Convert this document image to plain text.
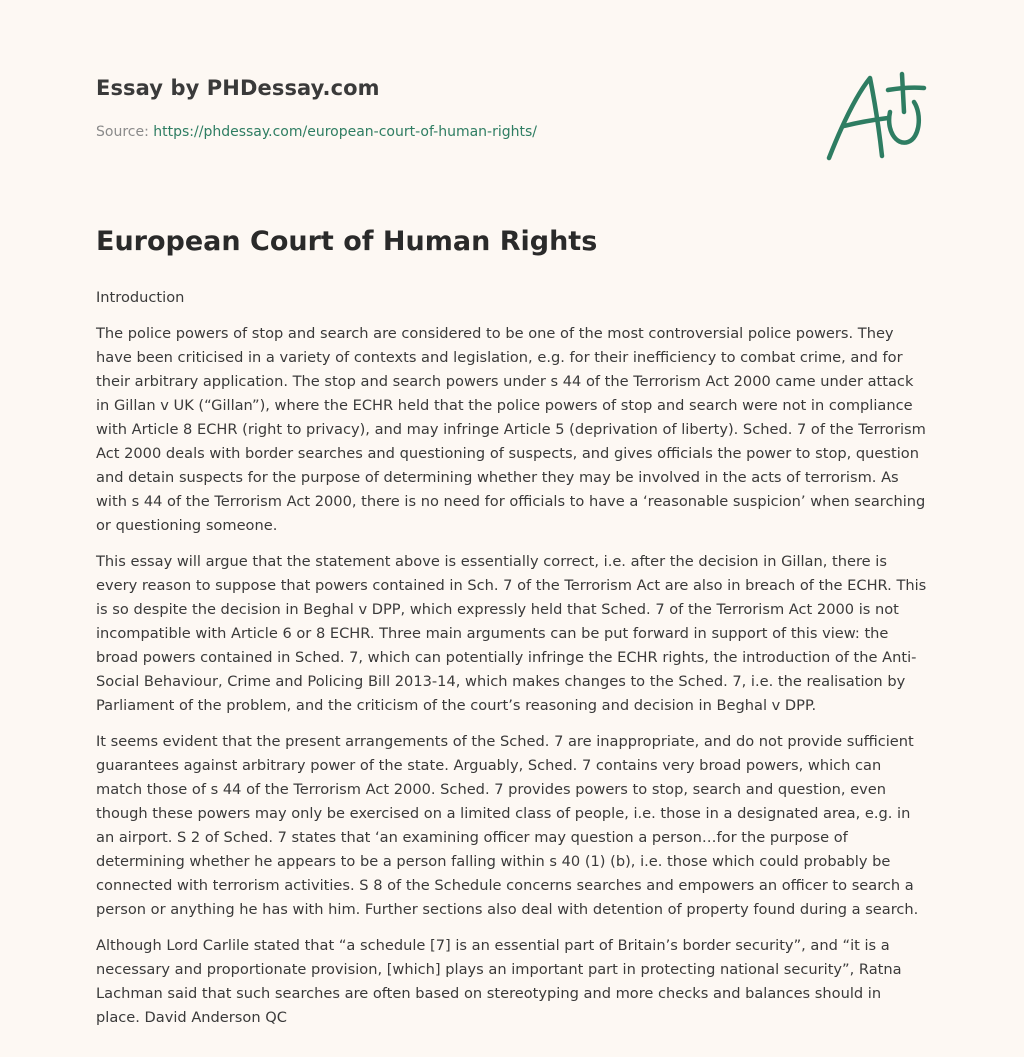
Essay by PHDessay.com
Source: https://phdessay.com/european-court-of-human-rights/
European Court of Human Rights

Introduction

The police powers of stop and search are considered to be one of the most controversial police powers. They have been criticised in a variety of contexts and legislation, e.g. for their inefficiency to combat crime, and for their arbitrary application. The stop and search powers under s 44 of the Terrorism Act 2000 came under attack in Gillan v UK (“Gillan”), where the ECHR held that the police powers of stop and search were not in compliance with Article 8 ECHR (right to privacy), and may infringe Article 5 (deprivation of liberty). Sched. 7 of the Terrorism Act 2000 deals with border searches and questioning of suspects, and gives officials the power to stop, question and detain suspects for the purpose of determining whether they may be involved in the acts of terrorism. As with s 44 of the Terrorism Act 2000, there is no need for officials to have a ‘reasonable suspicion’ when searching or questioning someone.

This essay will argue that the statement above is essentially correct, i.e. after the decision in Gillan, there is every reason to suppose that powers contained in Sch. 7 of the Terrorism Act are also in breach of the ECHR. This is so despite the decision in Beghal v DPP, which expressly held that Sched. 7 of the Terrorism Act 2000 is not incompatible with Article 6 or 8 ECHR. Three main arguments can be put forward in support of this view: the broad powers contained in Sched. 7, which can potentially infringe the ECHR rights, the introduction of the Anti-Social Behaviour, Crime and Policing Bill 2013-14, which makes changes to the Sched. 7, i.e. the realisation by Parliament of the problem, and the criticism of the court’s reasoning and decision in Beghal v DPP.

It seems evident that the present arrangements of the Sched. 7 are inappropriate, and do not provide sufficient guarantees against arbitrary power of the state. Arguably, Sched. 7 contains very broad powers, which can match those of s 44 of the Terrorism Act 2000. Sched. 7 provides powers to stop, search and question, even though these powers may only be exercised on a limited class of people, i.e. those in a designated area, e.g. in an airport. S 2 of Sched. 7 states that ‘an examining officer may question a person…for the purpose of determining whether he appears to be a person falling within s 40 (1) (b), i.e. those which could probably be connected with terrorism activities. S 8 of the Schedule concerns searches and empowers an officer to search a person or anything he has with him. Further sections also deal with detention of property found during a search.

Although Lord Carlile stated that “a schedule [7] is an essential part of Britain’s border security”, and “it is a necessary and proportionate provision, [which] plays an important part in protecting national security”, Ratna Lachman said that such searches are often based on stereotyping and more checks and balances should in place. David Anderson QC
